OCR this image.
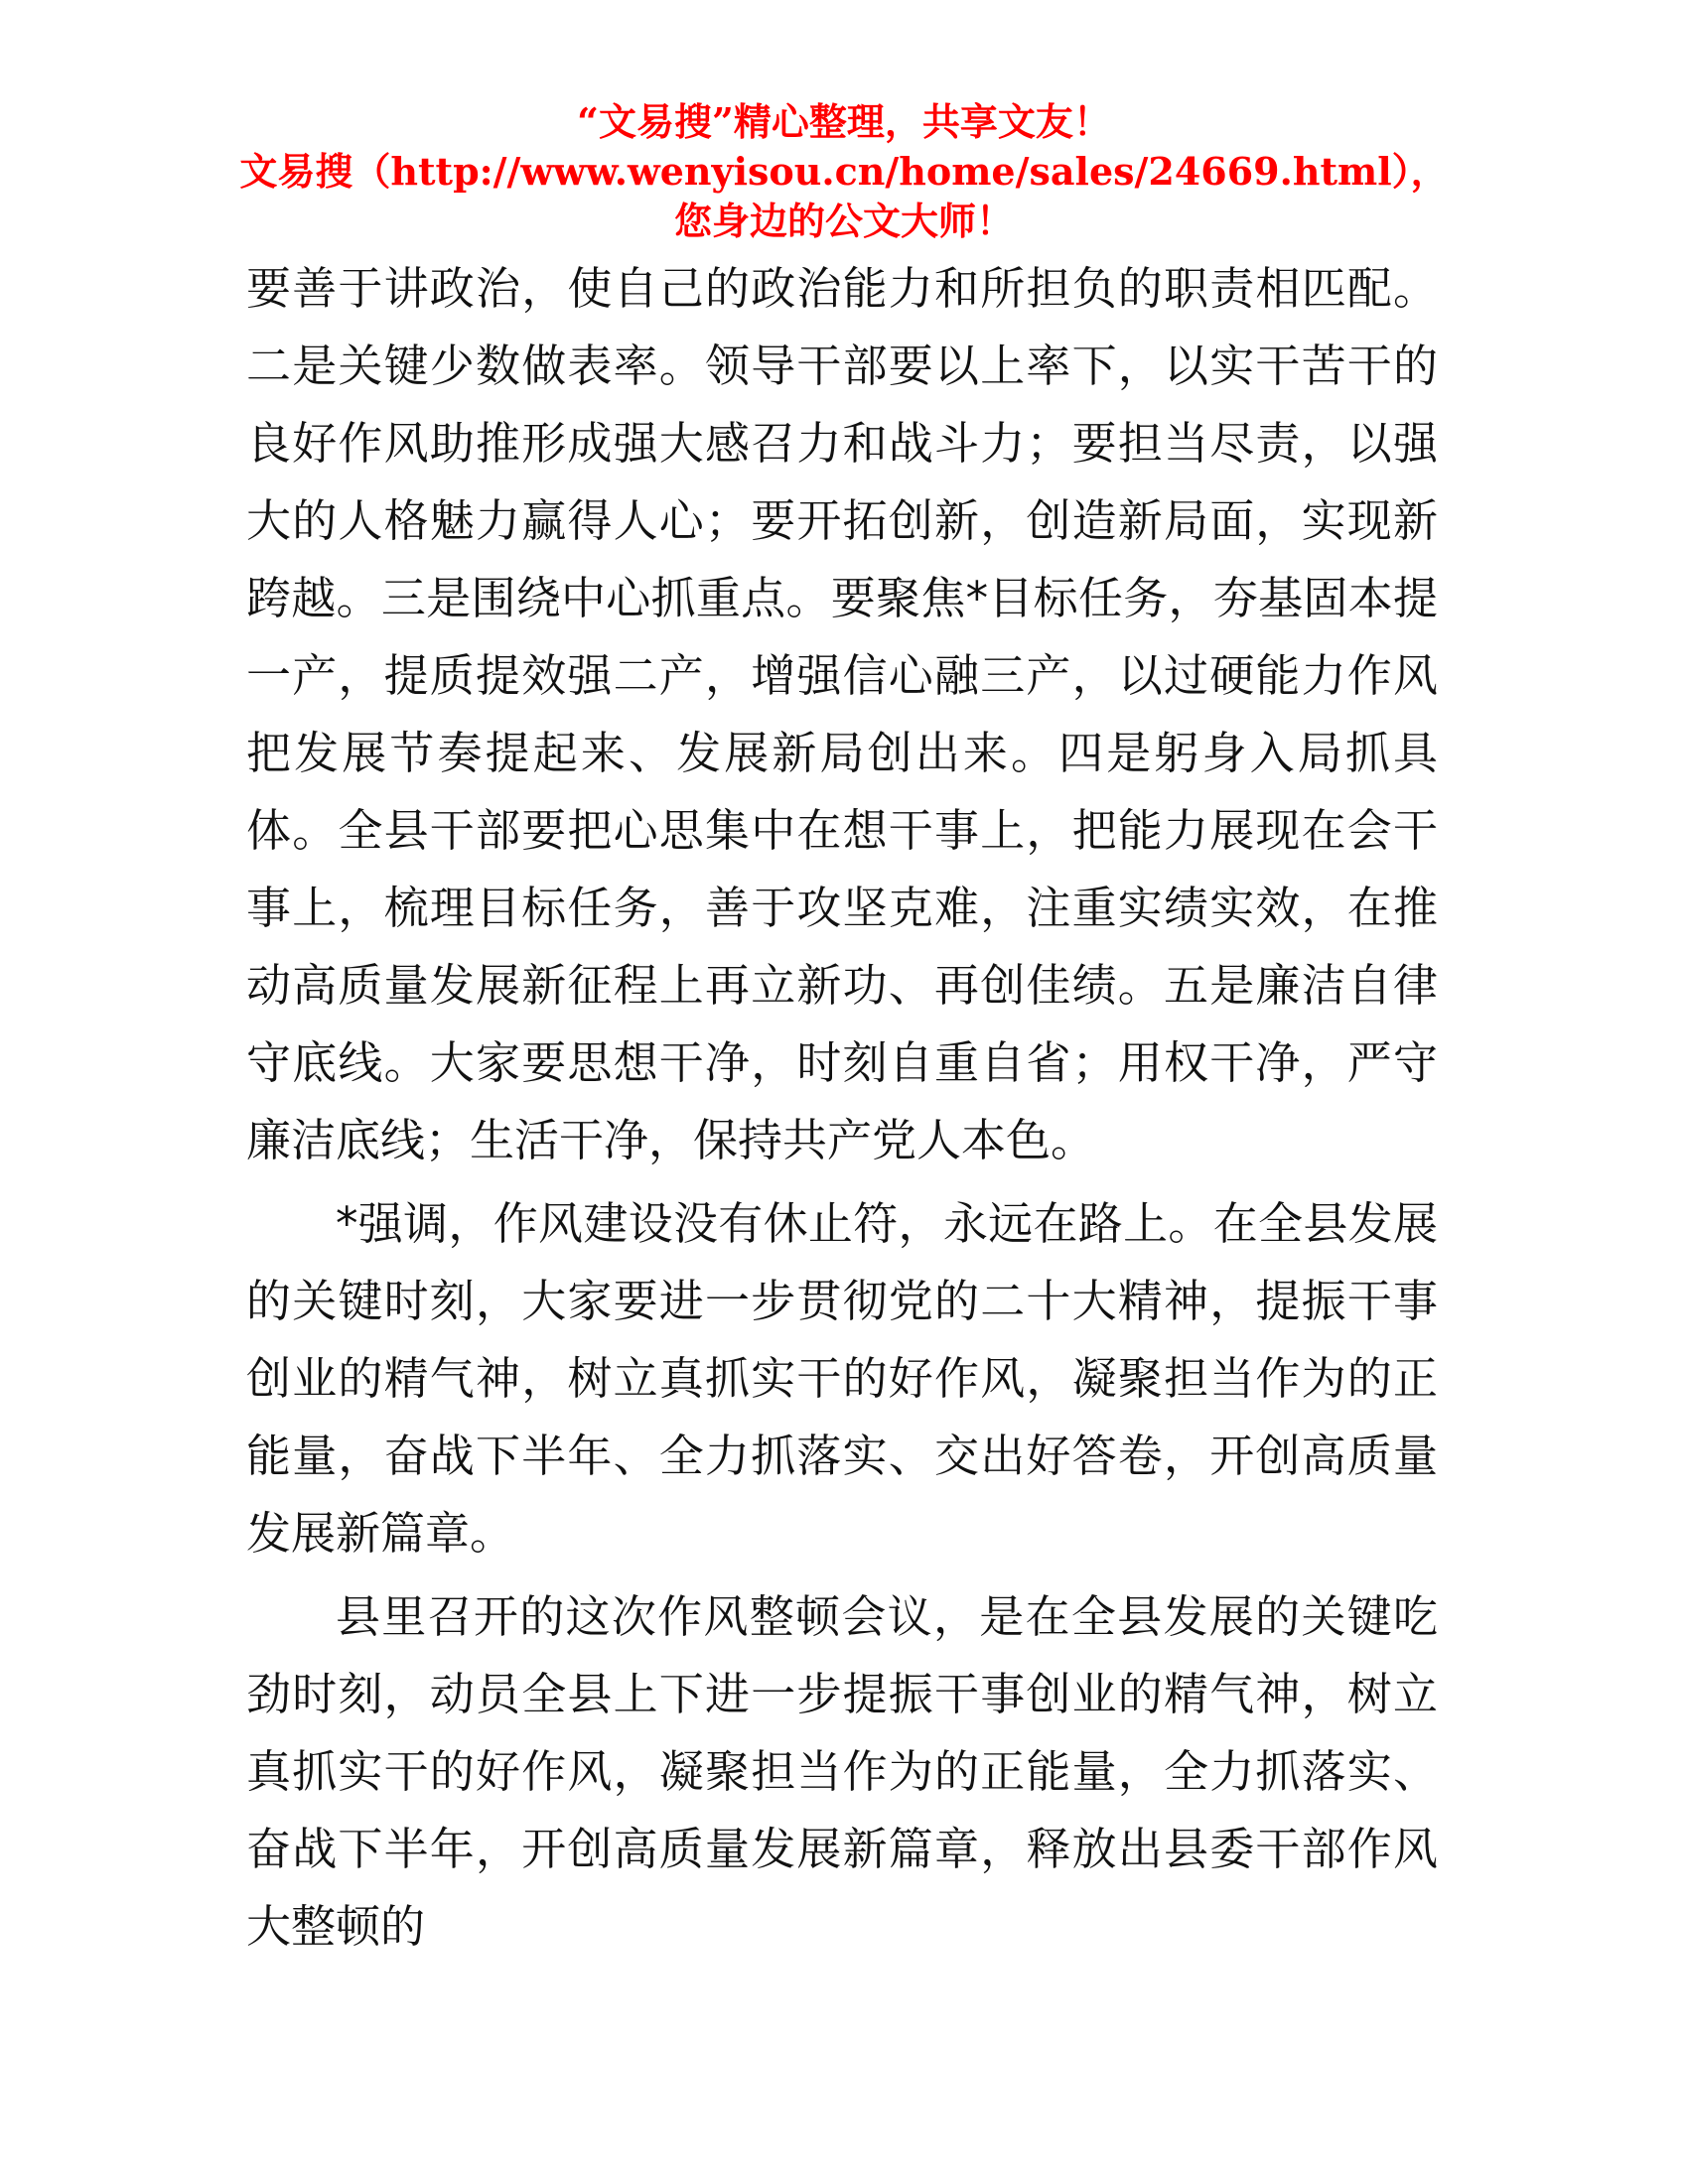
“文易搜”精心整理，共享文友！
文易搜（http://www.wenyisou.cn/home/sales/24669.html），
您身边的公文大师！

要善于讲政治，使自己的政治能力和所担负的职责相匹配。二是关键少数做表率。领导干部要以上率下，以实干苦干的良好作风助推形成强大感召力和战斗力；要担当尽责，以强大的人格魅力赢得人心；要开拓创新，创造新局面，实现新跨越。三是围绕中心抓重点。要聚焦*目标任务，夯基固本提一产，提质提效强二产，增强信心融三产，以过硬能力作风把发展节奏提起来、发展新局创出来。四是躬身入局抓具体。全县干部要把心思集中在想干事上，把能力展现在会干事上，梳理目标任务，善于攻坚克难，注重实绩实效，在推动高质量发展新征程上再立新功、再创佳绩。五是廉洁自律守底线。大家要思想干净，时刻自重自省；用权干净，严守廉洁底线；生活干净，保持共产党人本色。

*强调，作风建设没有休止符，永远在路上。在全县发展的关键时刻，大家要进一步贯彻党的二十大精神，提振干事创业的精气神，树立真抓实干的好作风，凝聚担当作为的正能量，奋战下半年、全力抓落实、交出好答卷，开创高质量发展新篇章。

县里召开的这次作风整顿会议，是在全县发展的关键吃劲时刻，动员全县上下进一步提振干事创业的精气神，树立真抓实干的好作风，凝聚担当作为的正能量，全力抓落实、奋战下半年，开创高质量发展新篇章，释放出县委干部作风大整顿的
